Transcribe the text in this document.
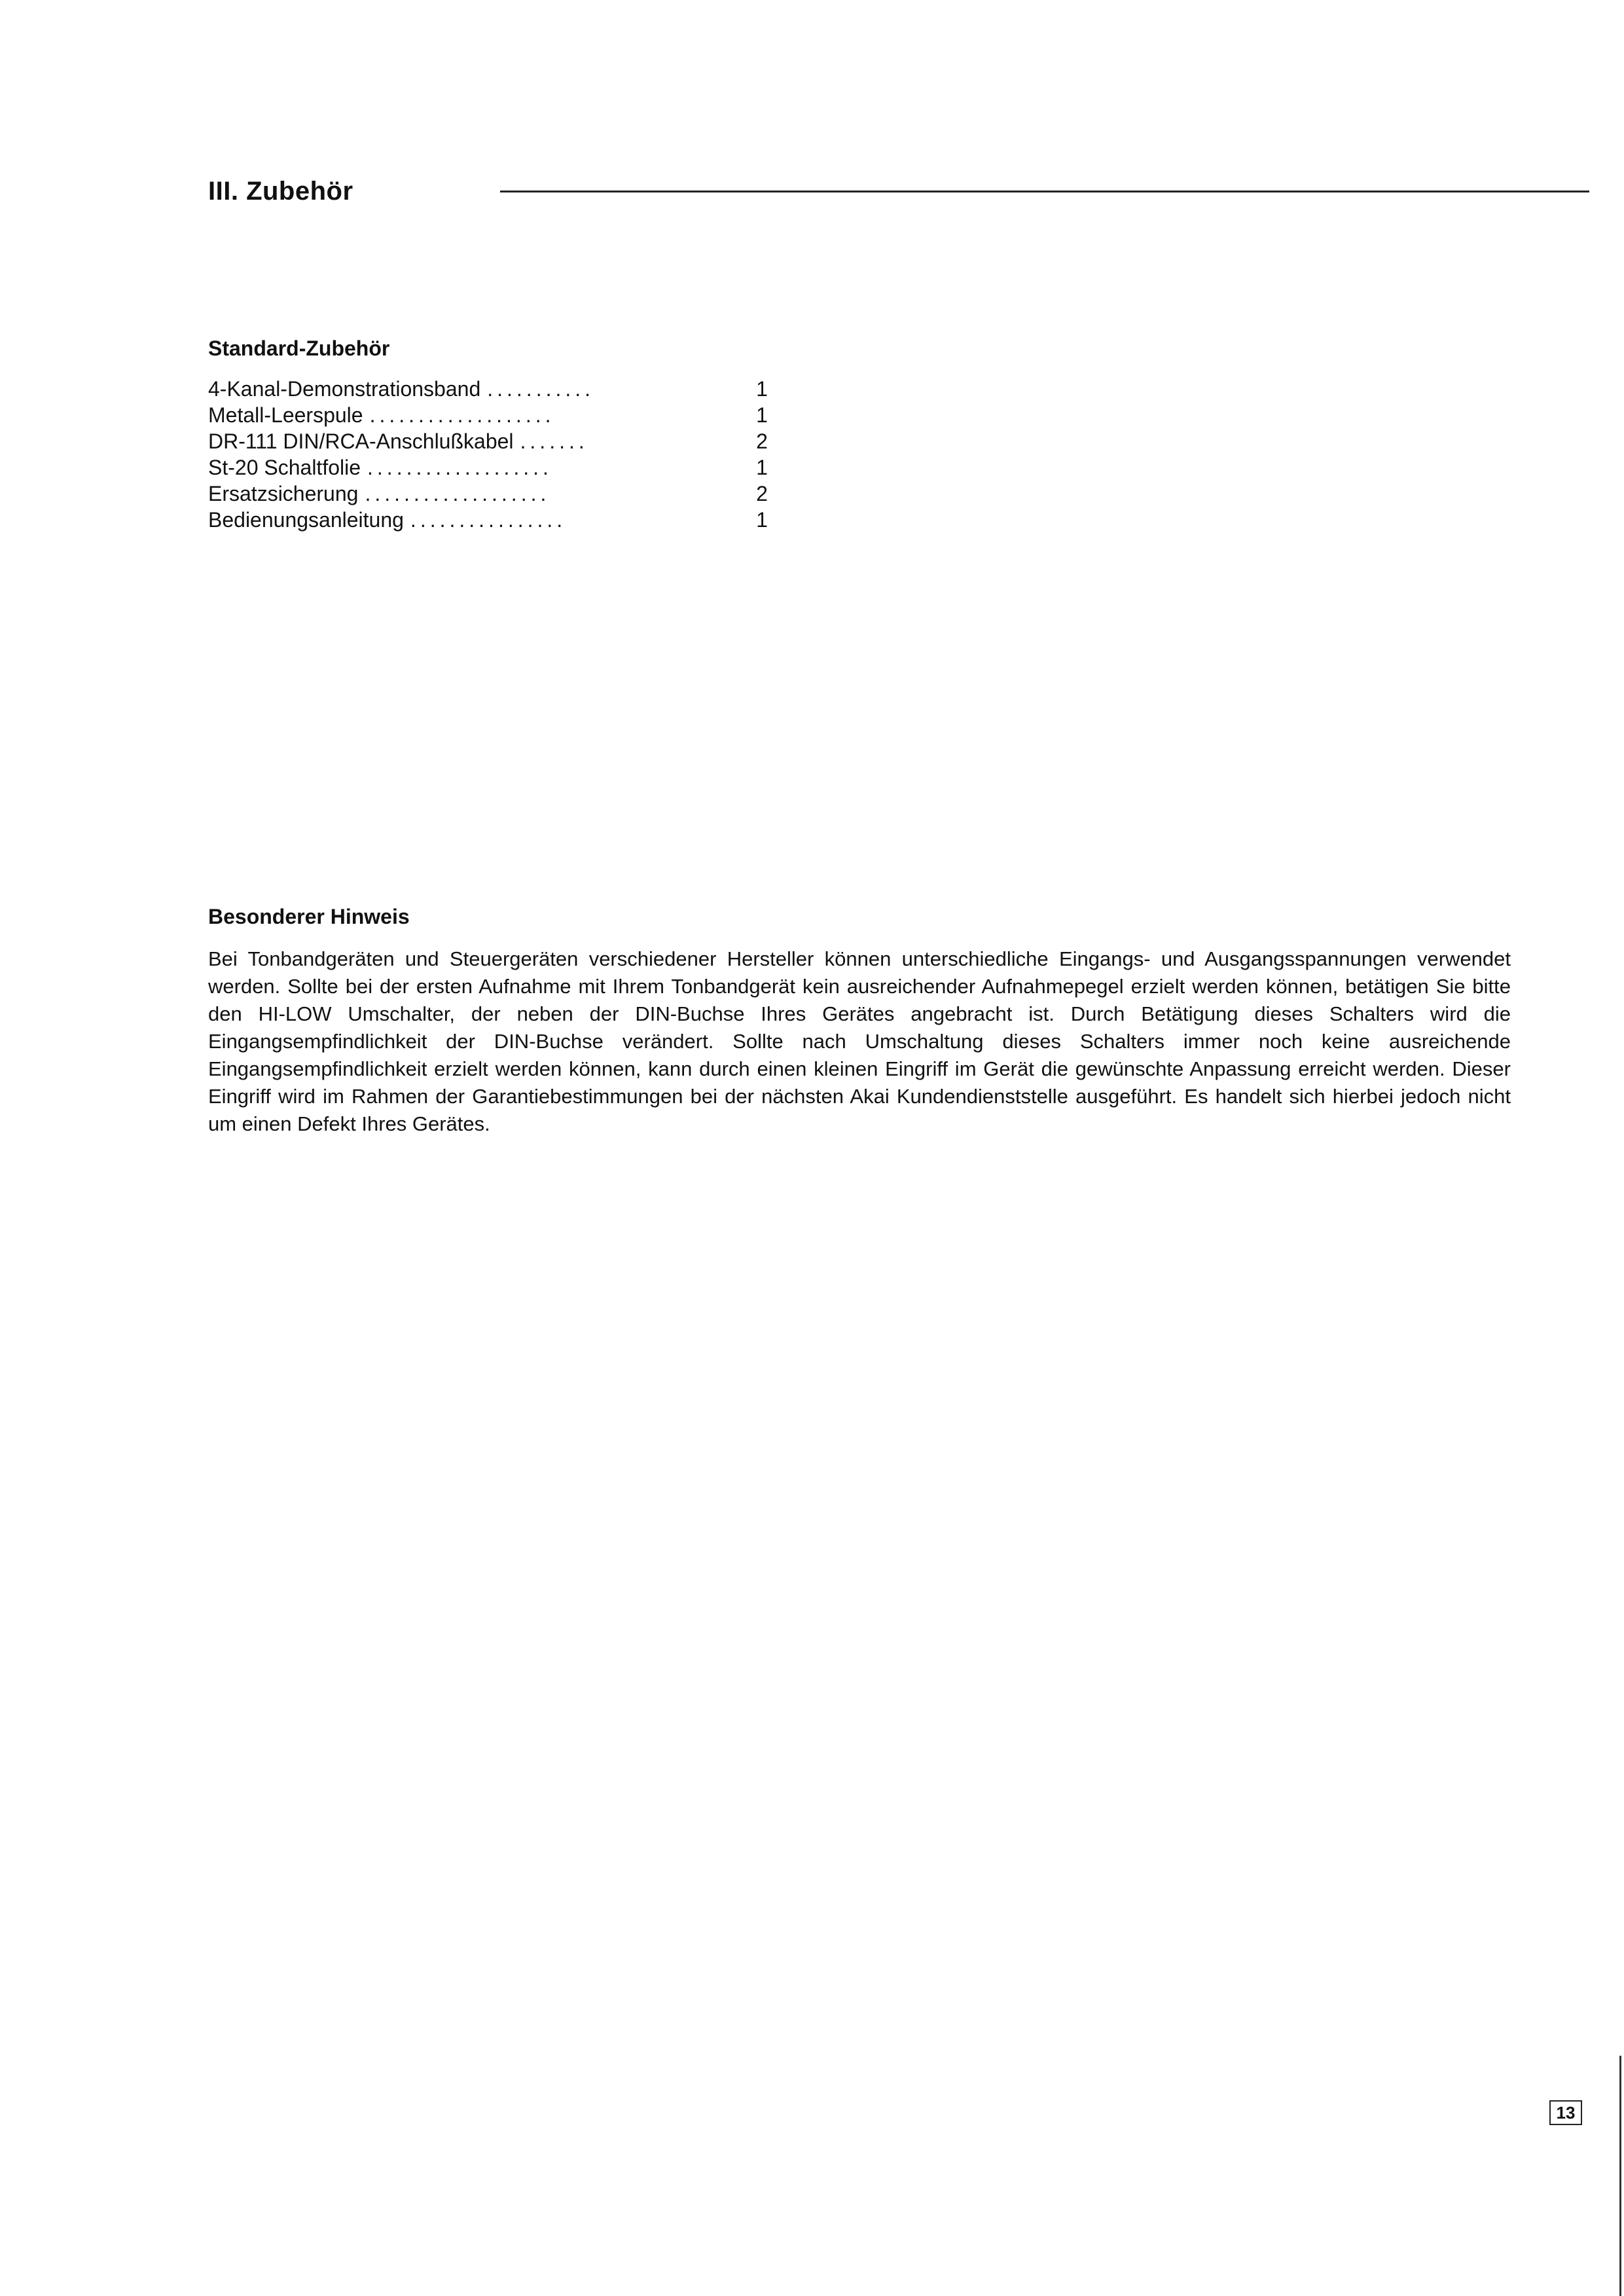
III. Zubehör
Standard-Zubehör
4-Kanal-Demonstrationsband ...........	1
Metall-Leerspule ...................	1
DR-111 DIN/RCA-Anschlußkabel .......	2
St-20 Schaltfolie ...................	1
Ersatzsicherung ...................	2
Bedienungsanleitung ................	1
Besonderer Hinweis

Bei Tonbandgeräten und Steuergeräten verschiedener Hersteller können unterschiedliche Eingangs- und Ausgangsspannungen verwendet werden. Sollte bei der ersten Aufnahme mit Ihrem Tonbandgerät kein ausreichender Aufnahmepegel erzielt werden können, betätigen Sie bitte den HI-LOW Umschalter, der neben der DIN-Buchse Ihres Gerätes angebracht ist. Durch Betätigung dieses Schalters wird die Eingangsempfindlichkeit der DIN-Buchse verändert. Sollte nach Umschaltung dieses Schalters immer noch keine ausreichende Eingangsempfindlichkeit erzielt werden können, kann durch einen kleinen Eingriff im Gerät die gewünschte Anpassung erreicht werden. Dieser Eingriff wird im Rahmen der Garantiebestimmungen bei der nächsten Akai Kundendienststelle ausgeführt. Es handelt sich hierbei jedoch nicht um einen Defekt Ihres Gerätes.

13
